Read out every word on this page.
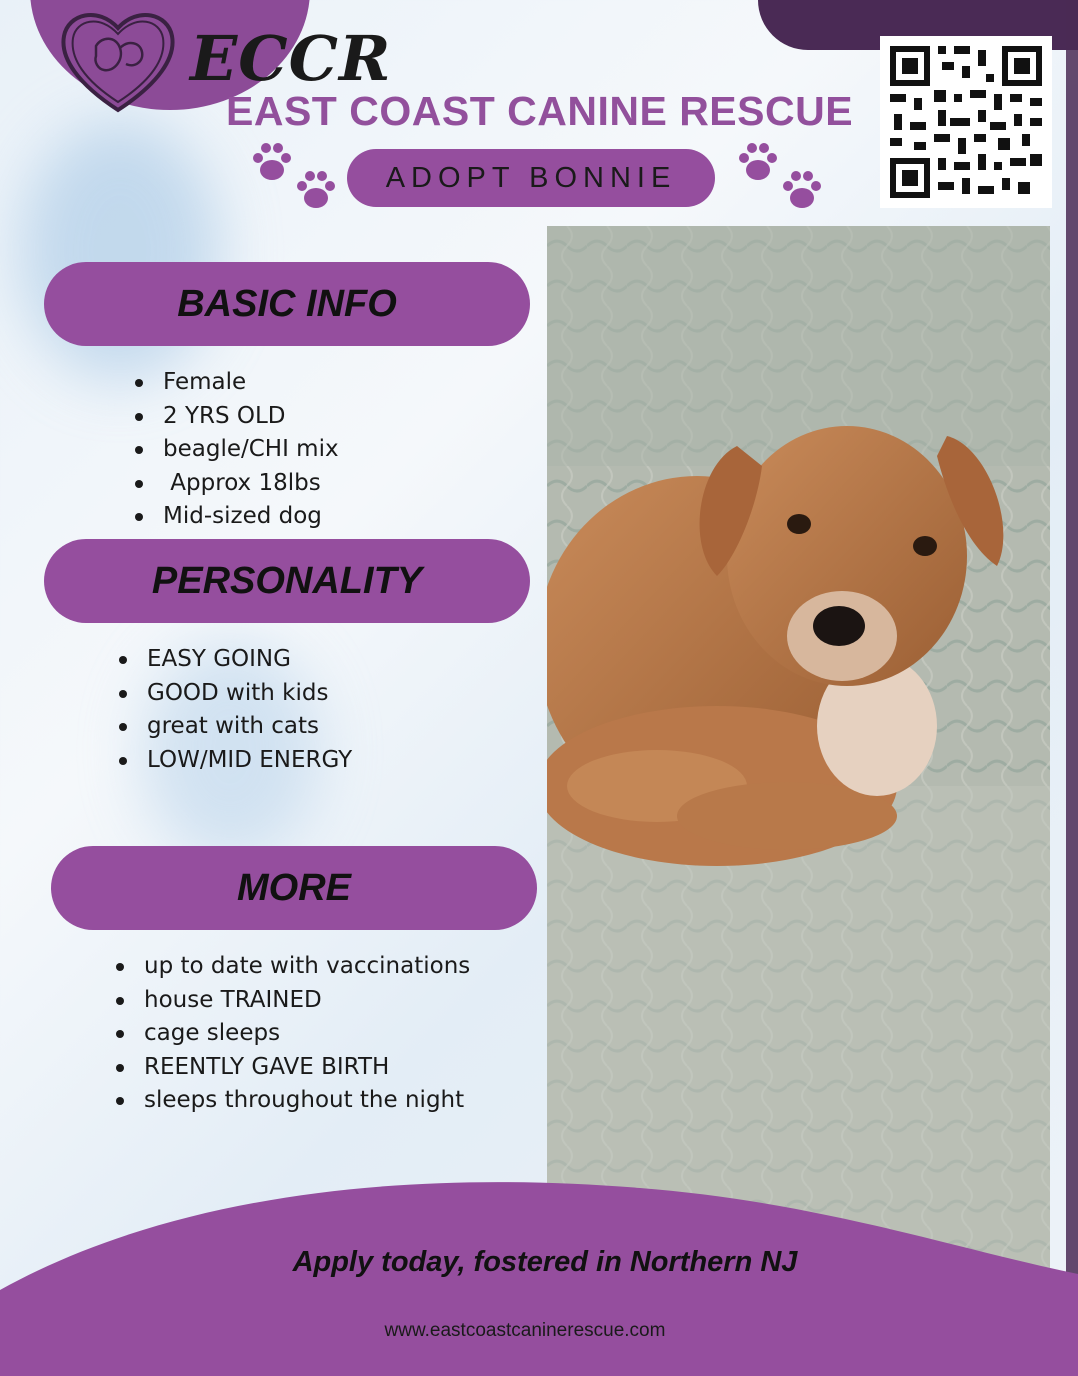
ECCR
EAST COAST CANINE RESCUE
ADOPT BONNIE
BASIC INFO
Female
2 YRS OLD
beagle/CHI mix
Approx 18lbs
Mid-sized dog
PERSONALITY
EASY GOING
GOOD with kids
great with cats
LOW/MID ENERGY
MORE
up to date with vaccinations
house TRAINED
cage sleeps
REENTLY GAVE BIRTH
sleeps throughout the night
Apply today, fostered in Northern NJ
www.eastcoastcaninerescue.com
